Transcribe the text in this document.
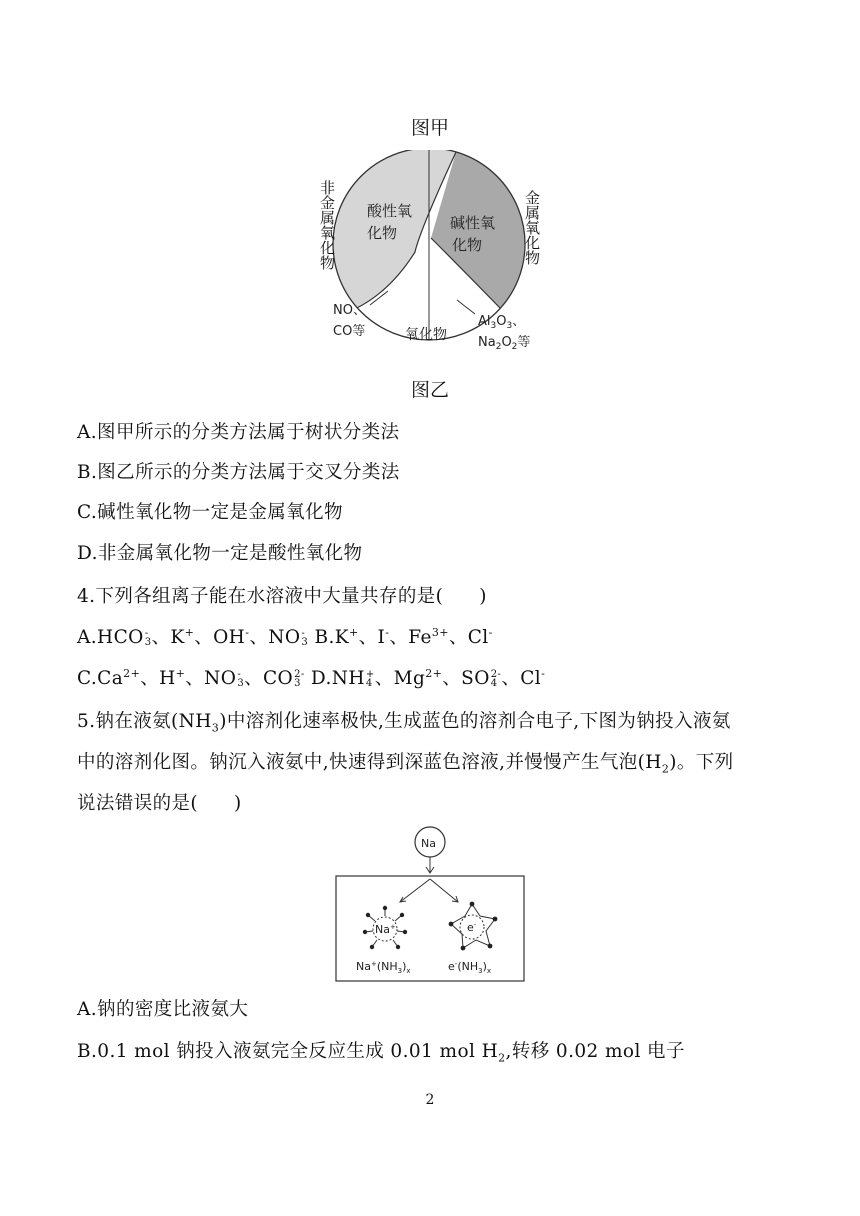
图甲
酸性氧
化物
碱性氧
化物
氧化物
NO、
CO等
$Al_3O_3$、
$Na_2O_2$等
非金属氧化物	金属氧化物
图乙
A.图甲所示的分类方法属于树状分类法
B.图乙所示的分类方法属于交叉分类法
C.碱性氧化物一定是金属氧化物
D.非金属氧化物一定是酸性氧化物
4.下列各组离子能在水溶液中大量共存的是( )
A.HCO-
3、K+、OH-、NO-
3 B.K+、I-、$Fe^{3+}$、Cl-
$C.Ca^{2+}$、H+、NO-
3、CO2-
3 D.NH+
4 、$Mg^{2+}$、SO2-
4 、Cl-
5.钠在液氨$(NH_3)$中溶剂化速率极快,生成蓝色的溶剂合电子,下图为钠投入液氨
中的溶剂化图。钠沉入液氨中,快速得到深蓝色溶液,并慢慢产生气泡$(H_2)$。下列
说法错误的是( )
Na
Na+	e-
$Na^+(NH_3)_x$	$e^-(NH_3)_x$
A.钠的密度比液氨大
B.0.1 mol 钠投入液氨完全反应生成 0.01 mol $H_2$,转移 0.02 mol 电子
2
